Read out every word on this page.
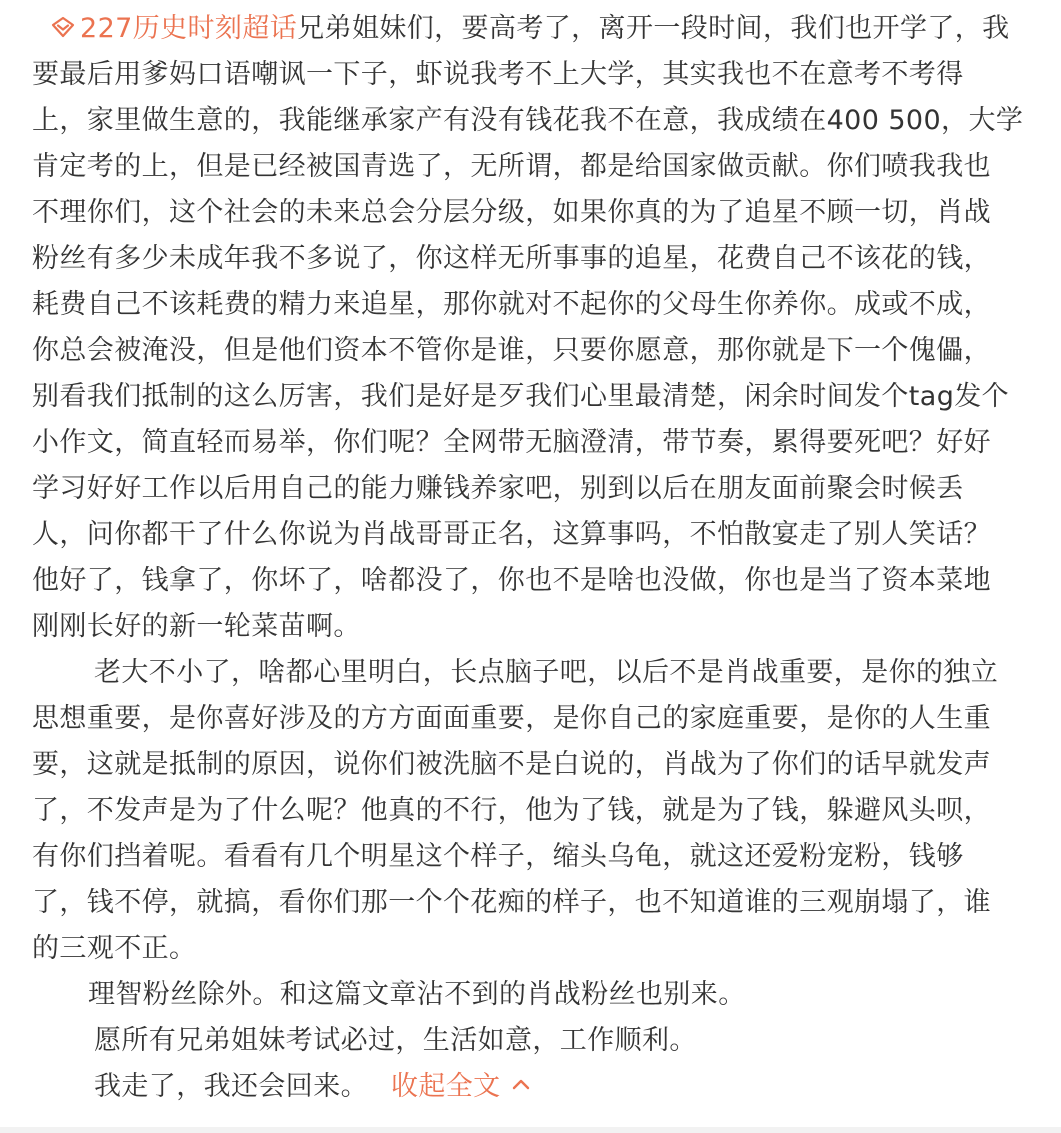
227历史时刻超话兄弟姐妹们，要高考了，离开一段时间，我们也开学了，我
要最后用爹妈口语嘲讽一下子，虾说我考不上大学，其实我也不在意考不考得
上，家里做生意的，我能继承家产有没有钱花我不在意，我成绩在400 500，大学
肯定考的上，但是已经被国青选了，无所谓，都是给国家做贡献。你们喷我我也
不理你们，这个社会的未来总会分层分级，如果你真的为了追星不顾一切，肖战
粉丝有多少未成年我不多说了，你这样无所事事的追星，花费自己不该花的钱，
耗费自己不该耗费的精力来追星，那你就对不起你的父母生你养你。成或不成，
你总会被淹没，但是他们资本不管你是谁，只要你愿意，那你就是下一个傀儡，
别看我们抵制的这么厉害，我们是好是歹我们心里最清楚，闲余时间发个tag发个
小作文，简直轻而易举，你们呢？全网带无脑澄清，带节奏，累得要死吧？好好
学习好好工作以后用自己的能力赚钱养家吧，别到以后在朋友面前聚会时候丢
人，问你都干了什么你说为肖战哥哥正名，这算事吗，不怕散宴走了别人笑话？
他好了，钱拿了，你坏了，啥都没了，你也不是啥也没做，你也是当了资本菜地
刚刚长好的新一轮菜苗啊。
老大不小了，啥都心里明白，长点脑子吧，以后不是肖战重要，是你的独立
思想重要，是你喜好涉及的方方面面重要，是你自己的家庭重要，是你的人生重
要，这就是抵制的原因，说你们被洗脑不是白说的，肖战为了你们的话早就发声
了，不发声是为了什么呢？他真的不行，他为了钱，就是为了钱，躲避风头呗，
有你们挡着呢。看看有几个明星这个样子，缩头乌龟，就这还爱粉宠粉，钱够
了，钱不停，就搞，看你们那一个个花痴的样子，也不知道谁的三观崩塌了，谁
的三观不正。
理智粉丝除外。和这篇文章沾不到的肖战粉丝也别来。
愿所有兄弟姐妹考试必过，生活如意，工作顺利。
我走了，我还会回来。 收起全文
